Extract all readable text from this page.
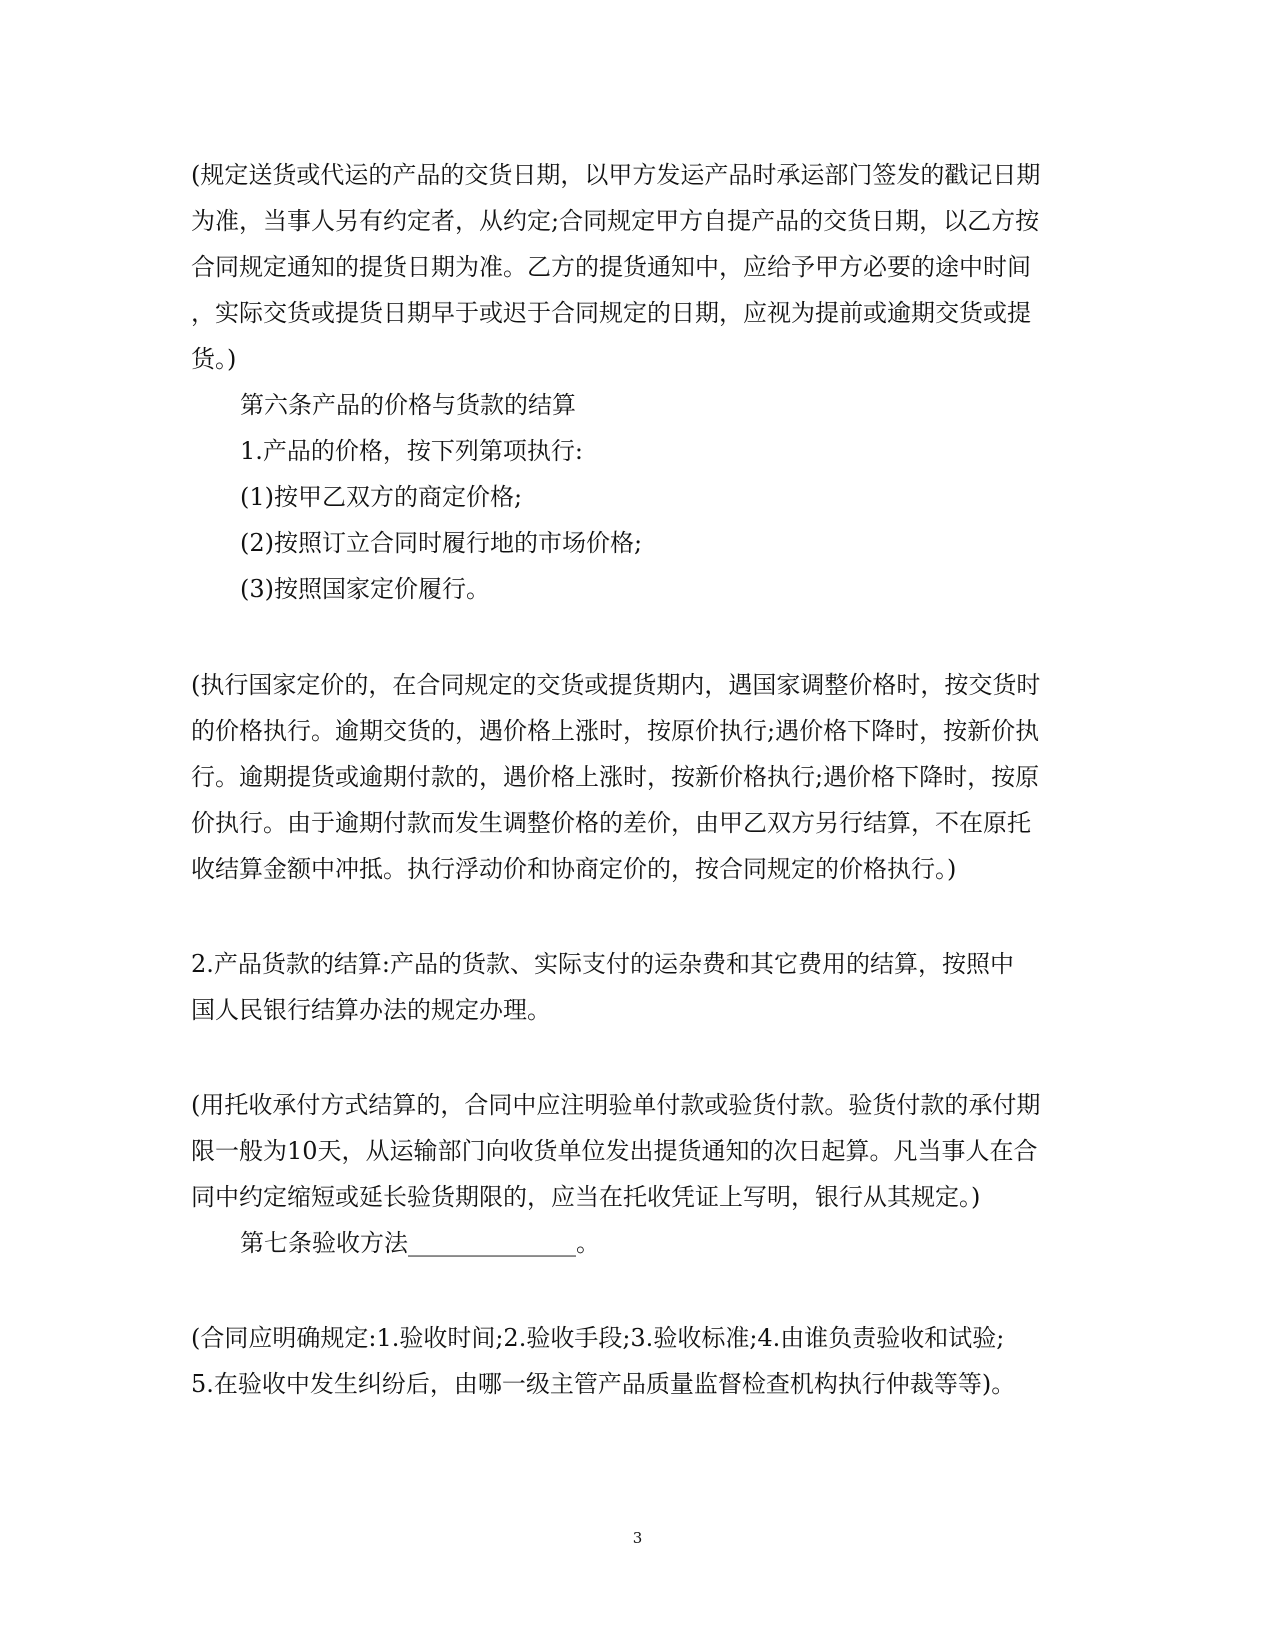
(规定送货或代运的产品的交货日期，以甲方发运产品时承运部门签发的戳记日期
为准，当事人另有约定者，从约定;合同规定甲方自提产品的交货日期，以乙方按
合同规定通知的提货日期为准。乙方的提货通知中，应给予甲方必要的途中时间
，实际交货或提货日期早于或迟于合同规定的日期，应视为提前或逾期交货或提
货。)
第六条产品的价格与货款的结算
1.产品的价格，按下列第项执行:
(1)按甲乙双方的商定价格;
(2)按照订立合同时履行地的市场价格;
(3)按照国家定价履行。
(执行国家定价的，在合同规定的交货或提货期内，遇国家调整价格时，按交货时
的价格执行。逾期交货的，遇价格上涨时，按原价执行;遇价格下降时，按新价执
行。逾期提货或逾期付款的，遇价格上涨时，按新价格执行;遇价格下降时，按原
价执行。由于逾期付款而发生调整价格的差价，由甲乙双方另行结算，不在原托
收结算金额中冲抵。执行浮动价和协商定价的，按合同规定的价格执行。)
2.产品货款的结算:产品的货款、实际支付的运杂费和其它费用的结算，按照中
国人民银行结算办法的规定办理。
(用托收承付方式结算的，合同中应注明验单付款或验货付款。验货付款的承付期
限一般为10天，从运输部门向收货单位发出提货通知的次日起算。凡当事人在合
同中约定缩短或延长验货期限的，应当在托收凭证上写明，银行从其规定。)
第七条验收方法______________。
(合同应明确规定:1.验收时间;2.验收手段;3.验收标准;4.由谁负责验收和试验;
5.在验收中发生纠纷后，由哪一级主管产品质量监督检查机构执行仲裁等等)。
3
